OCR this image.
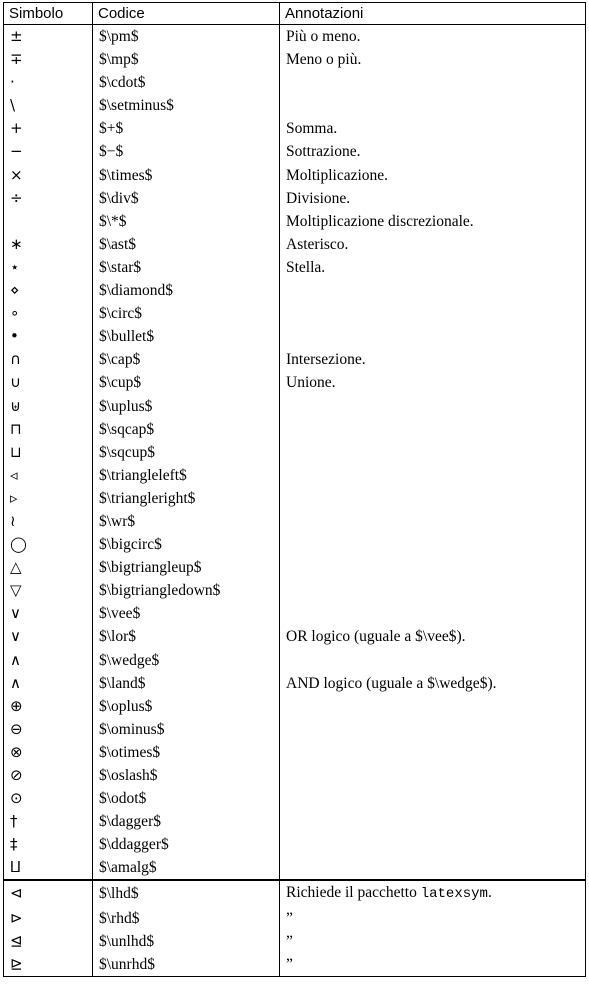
Simbolo	Codice	Annotazioni
±	$\pm$	Più o meno.
∓	$\mp$	Meno o più.
·	$\cdot$	
\	$\setminus$	
+	$+$	Somma.
−	$−$	Sottrazione.
×	$\times$	Moltiplicazione.
÷	$\div$	Divisione.
	$\*$	Moltiplicazione discrezionale.
∗	$\ast$	Asterisco.
⋆	$\star$	Stella.
⋄	$\diamond$	
∘	$\circ$	
•	$\bullet$	
∩	$\cap$	Intersezione.
∪	$\cup$	Unione.
⊎	$\uplus$	
⊓	$\sqcap$	
⊔	$\sqcup$	
◃	$\triangleleft$	
▹	$\triangleright$	
≀	$\wr$	
◯	$\bigcirc$	
△	$\bigtriangleup$	
▽	$\bigtriangledown$	
∨	$\vee$	
∨	$\lor$	OR logico (uguale a $\vee$).
∧	$\wedge$	
∧	$\land$	AND logico (uguale a $\wedge$).
⊕	$\oplus$	
⊖	$\ominus$	
⊗	$\otimes$	
⊘	$\oslash$	
⊙	$\odot$	
†	$\dagger$	
‡	$\ddagger$	
⨿	$\amalg$	
⊲	$\lhd$	Richiede il pacchetto latexsym.
⊳	$\rhd$	”
⊴	$\unlhd$	”
⊵	$\unrhd$	”
